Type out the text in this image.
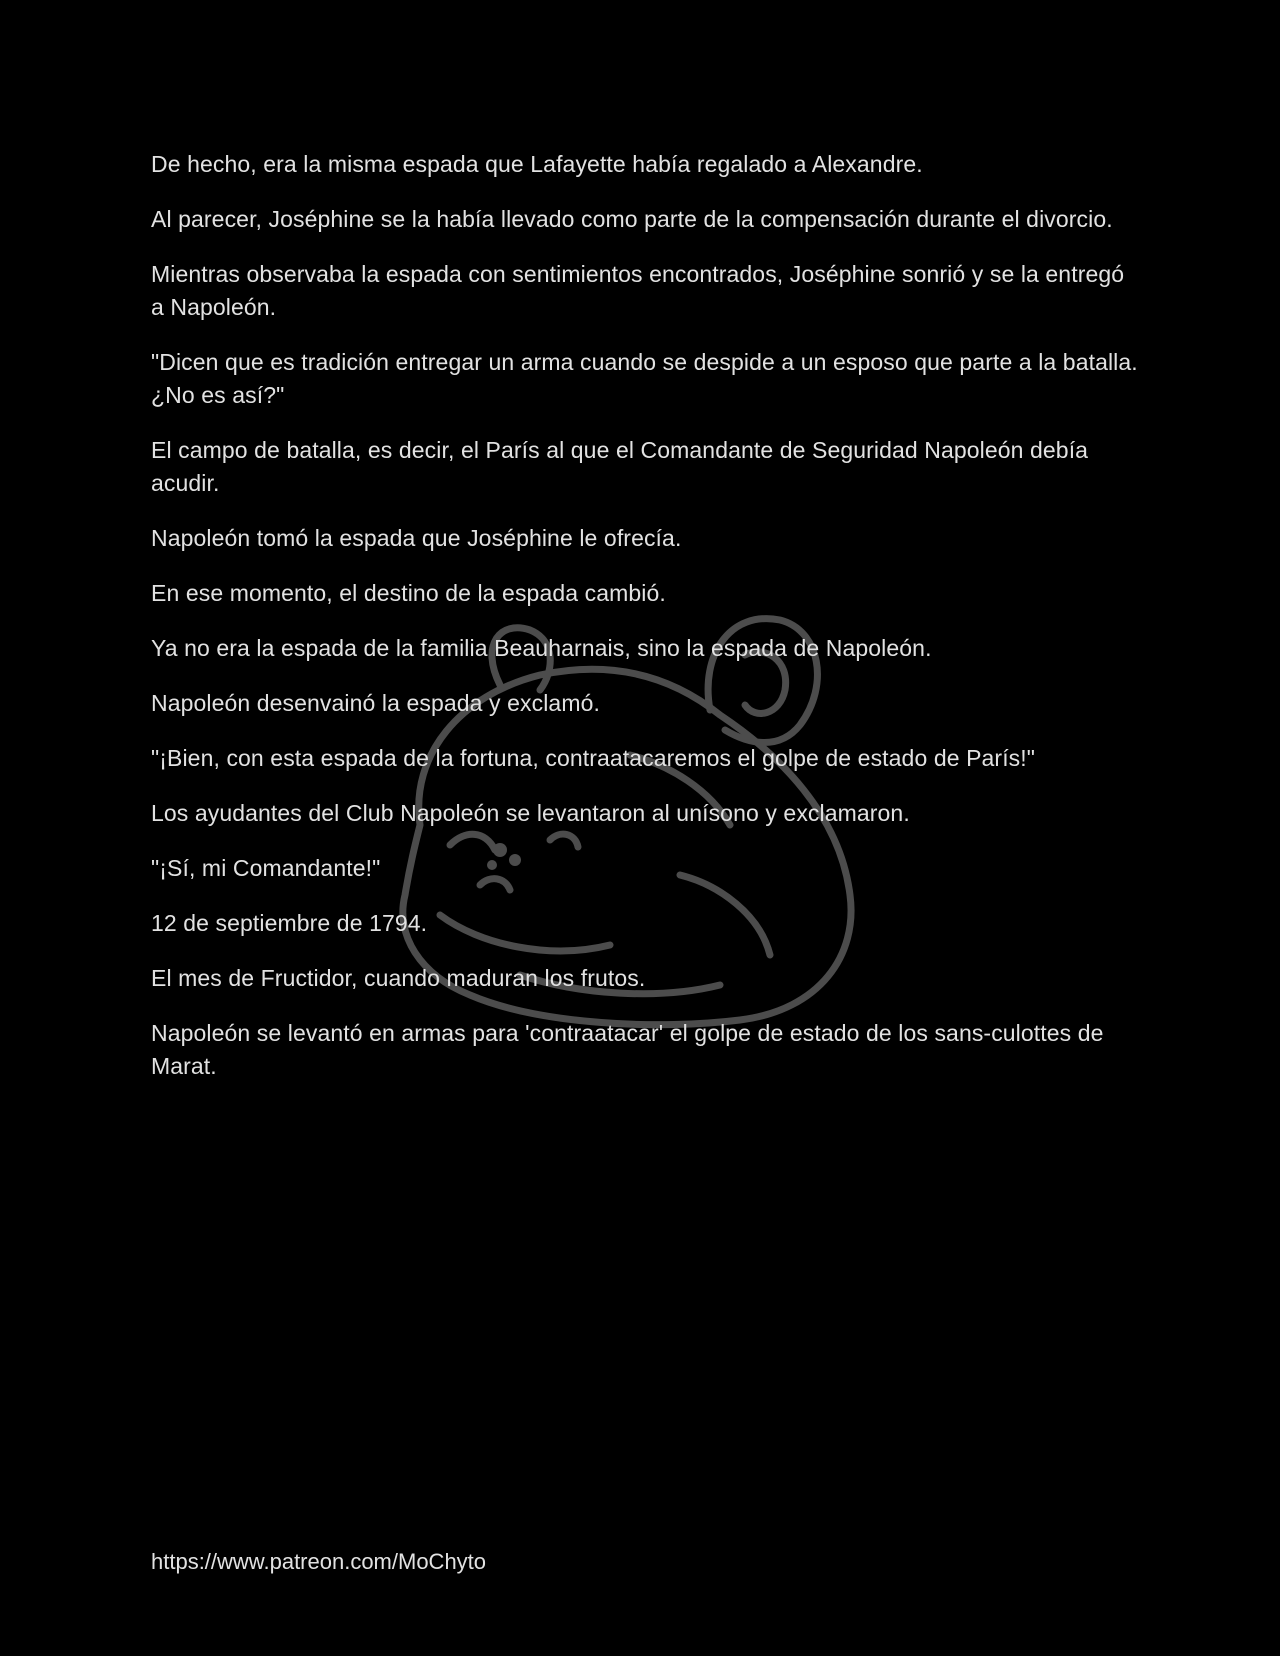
De hecho, era la misma espada que Lafayette había regalado a Alexandre.

Al parecer, Joséphine se la había llevado como parte de la compensación durante el divorcio.

Mientras observaba la espada con sentimientos encontrados, Joséphine sonrió y se la entregó a Napoleón.

"Dicen que es tradición entregar un arma cuando se despide a un esposo que parte a la batalla. ¿No es así?"

El campo de batalla, es decir, el París al que el Comandante de Seguridad Napoleón debía acudir.

Napoleón tomó la espada que Joséphine le ofrecía.

En ese momento, el destino de la espada cambió.

Ya no era la espada de la familia Beauharnais, sino la espada de Napoleón.

Napoleón desenvainó la espada y exclamó.

"¡Bien, con esta espada de la fortuna, contraatacaremos el golpe de estado de París!"

Los ayudantes del Club Napoleón se levantaron al unísono y exclamaron.

"¡Sí, mi Comandante!"

12 de septiembre de 1794.

El mes de Fructidor, cuando maduran los frutos.

Napoleón se levantó en armas para 'contraatacar' el golpe de estado de los sans-culottes de Marat.

https://www.patreon.com/MoChyto
